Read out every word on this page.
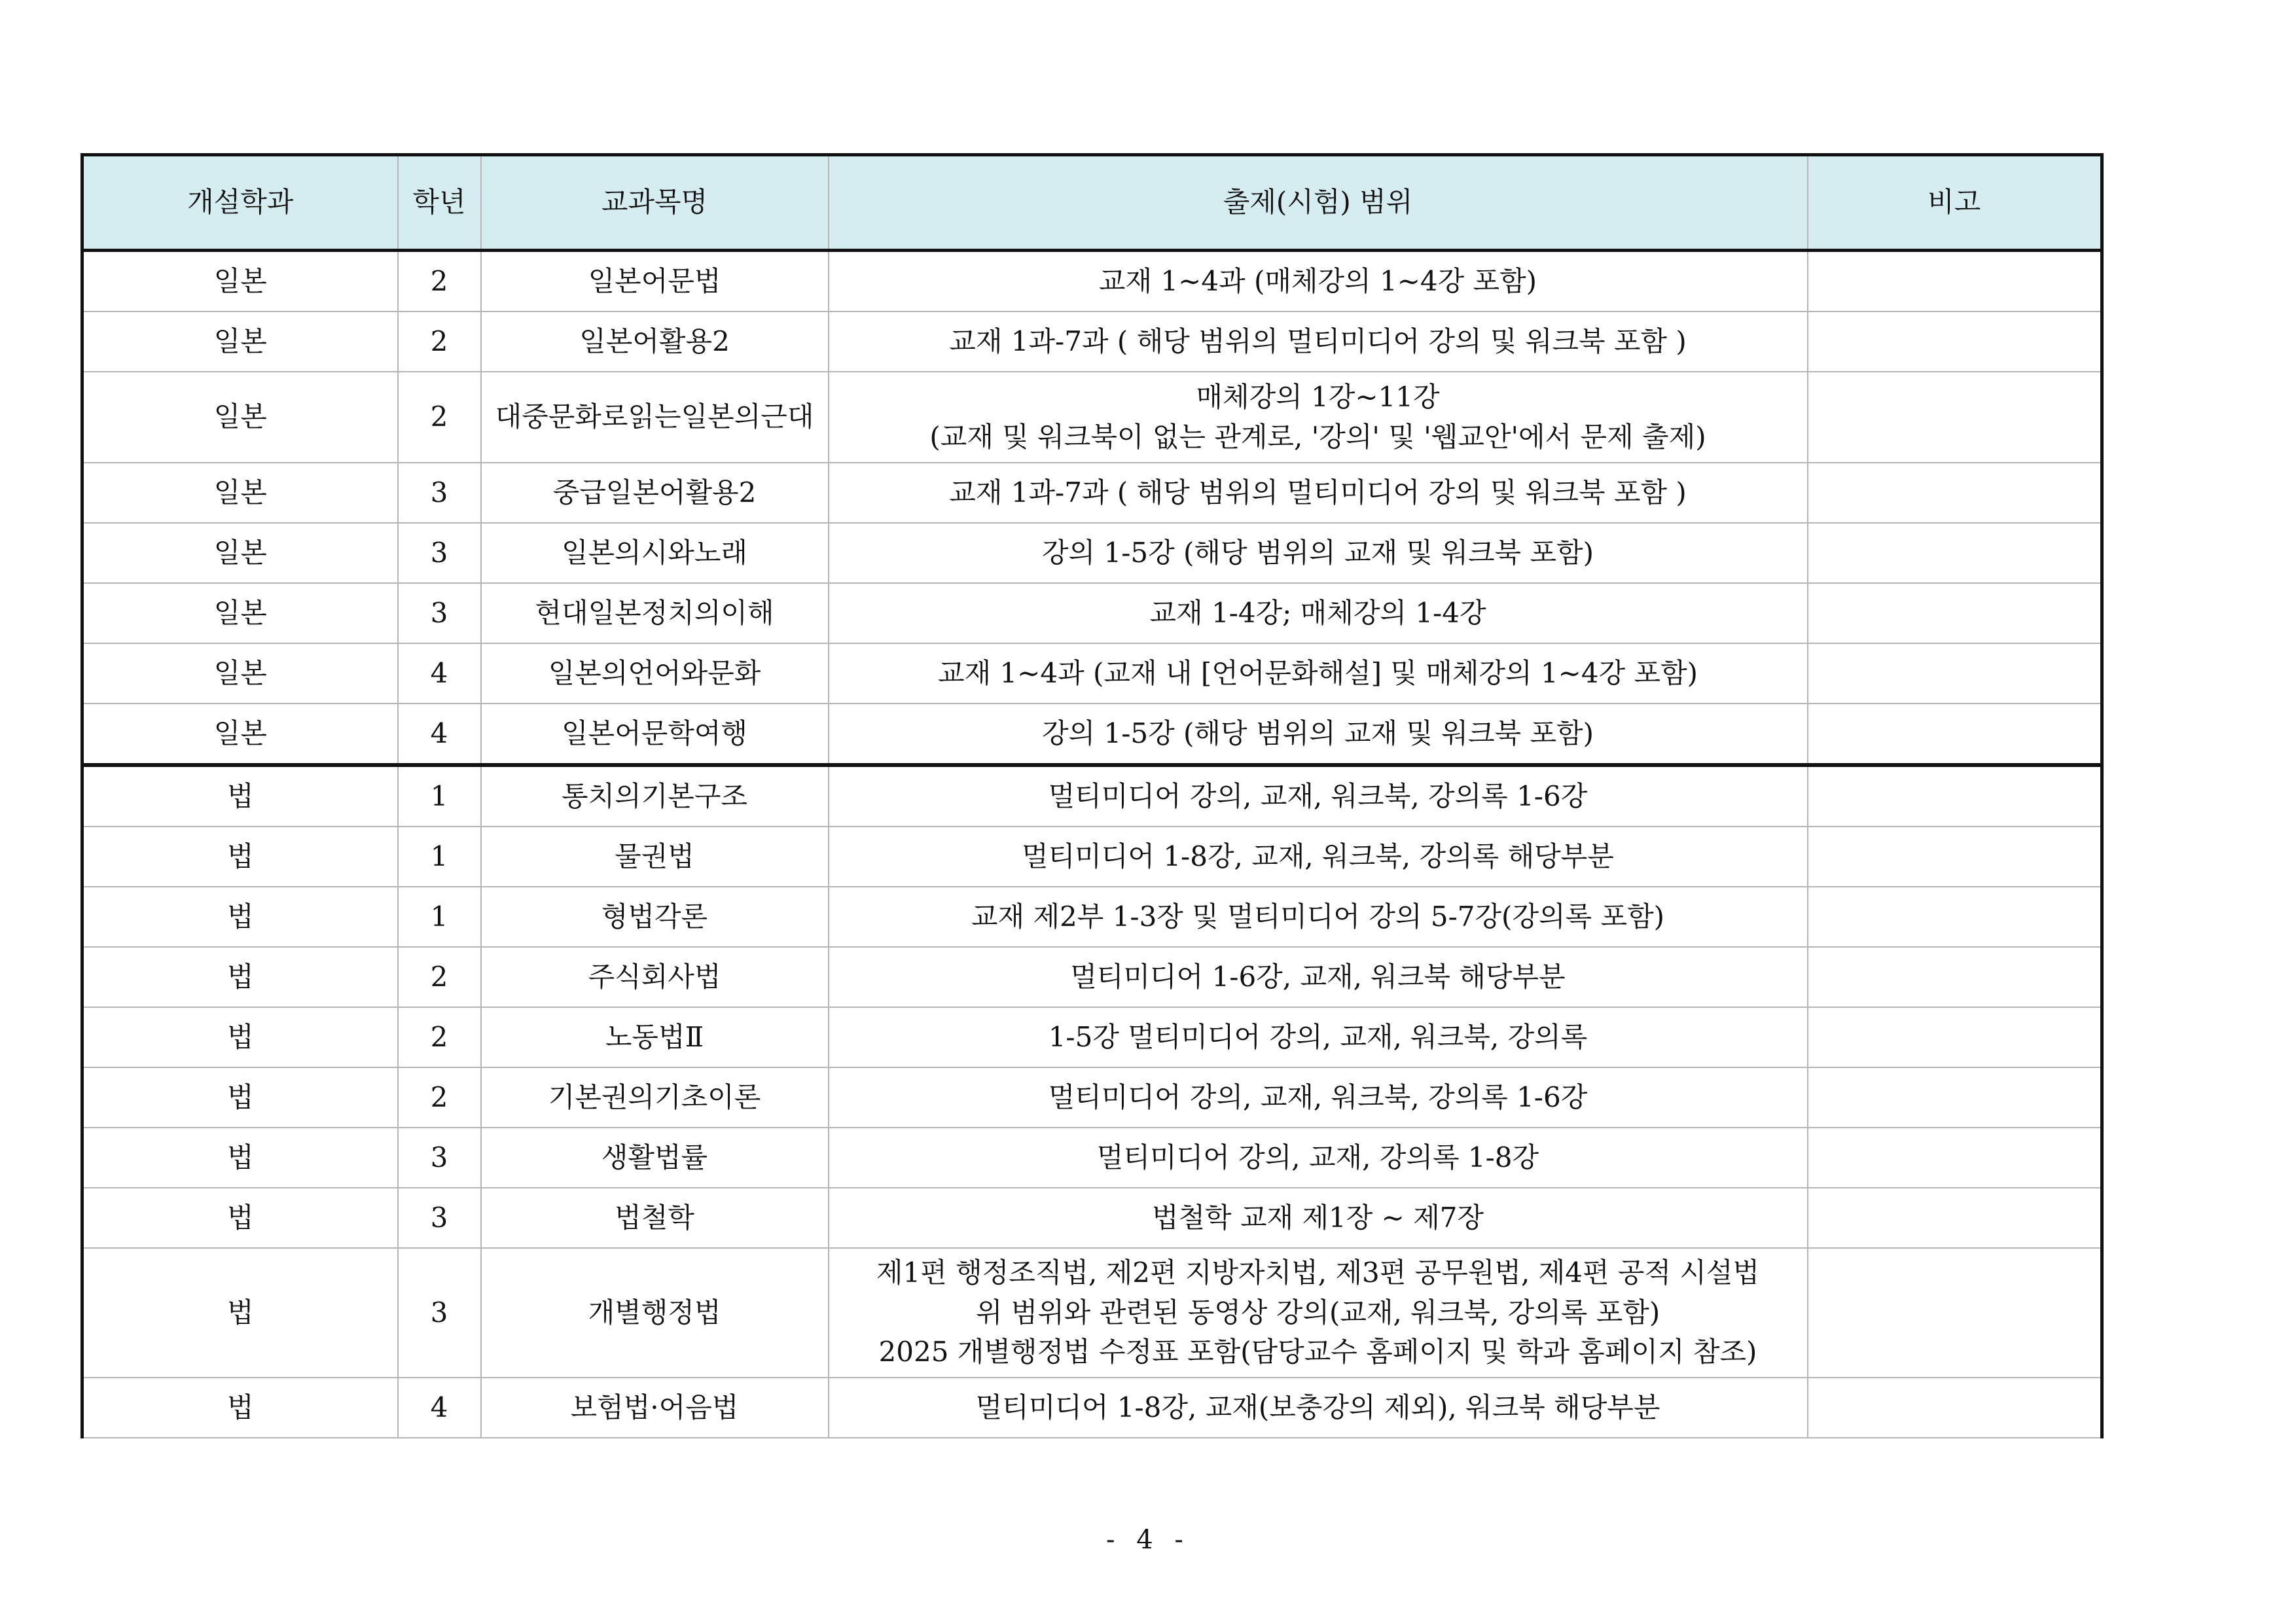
개설학과	학년	교과목명	출제(시험) 범위	비고
일본	2	일본어문법	교재 1~4과 (매체강의 1~4강 포함)	

일본	2	일본어활용2	교재 1과-7과 ( 해당 범위의 멀티미디어 강의 및 워크북 포함 )	

일본	2	대중문화로읽는일본의근대	매체강의 1강~11강
(교재 및 워크북이 없는 관계로, '강의' 및 '웹교안'에서 문제 출제)	

일본	3	중급일본어활용2	교재 1과-7과 ( 해당 범위의 멀티미디어 강의 및 워크북 포함 )	

일본	3	일본의시와노래	강의 1-5강 (해당 범위의 교재 및 워크북 포함)	

일본	3	현대일본정치의이해	교재 1-4강; 매체강의 1-4강	

일본	4	일본의언어와문화	교재 1~4과 (교재 내 [언어문화해설] 및 매체강의 1~4강 포함)	

일본	4	일본어문학여행	강의 1-5강 (해당 범위의 교재 및 워크북 포함)	

법	1	통치의기본구조	멀티미디어 강의, 교재, 워크북, 강의록 1-6강	

법	1	물권법	멀티미디어 1-8강, 교재, 워크북, 강의록 해당부분	

법	1	형법각론	교재 제2부 1-3장 및 멀티미디어 강의 5-7강(강의록 포함)	

법	2	주식회사법	멀티미디어 1-6강, 교재, 워크북 해당부분	

법	2	노동법Ⅱ	1-5강 멀티미디어 강의, 교재, 워크북, 강의록	

법	2	기본권의기초이론	멀티미디어 강의, 교재, 워크북, 강의록 1-6강	

법	3	생활법률	멀티미디어 강의, 교재, 강의록 1-8강	

법	3	법철학	법철학 교재 제1장 ~ 제7장	

법	3	개별행정법	제1편 행정조직법, 제2편 지방자치법, 제3편 공무원법, 제4편 공적 시설법
위 범위와 관련된 동영상 강의(교재, 워크북, 강의록 포함)
2025 개별행정법 수정표 포함(담당교수 홈페이지 및 학과 홈페이지 참조)	

법	4	보험법·어음법	멀티미디어 1-8강, 교재(보충강의 제외), 워크북 해당부분	

- 4 -
